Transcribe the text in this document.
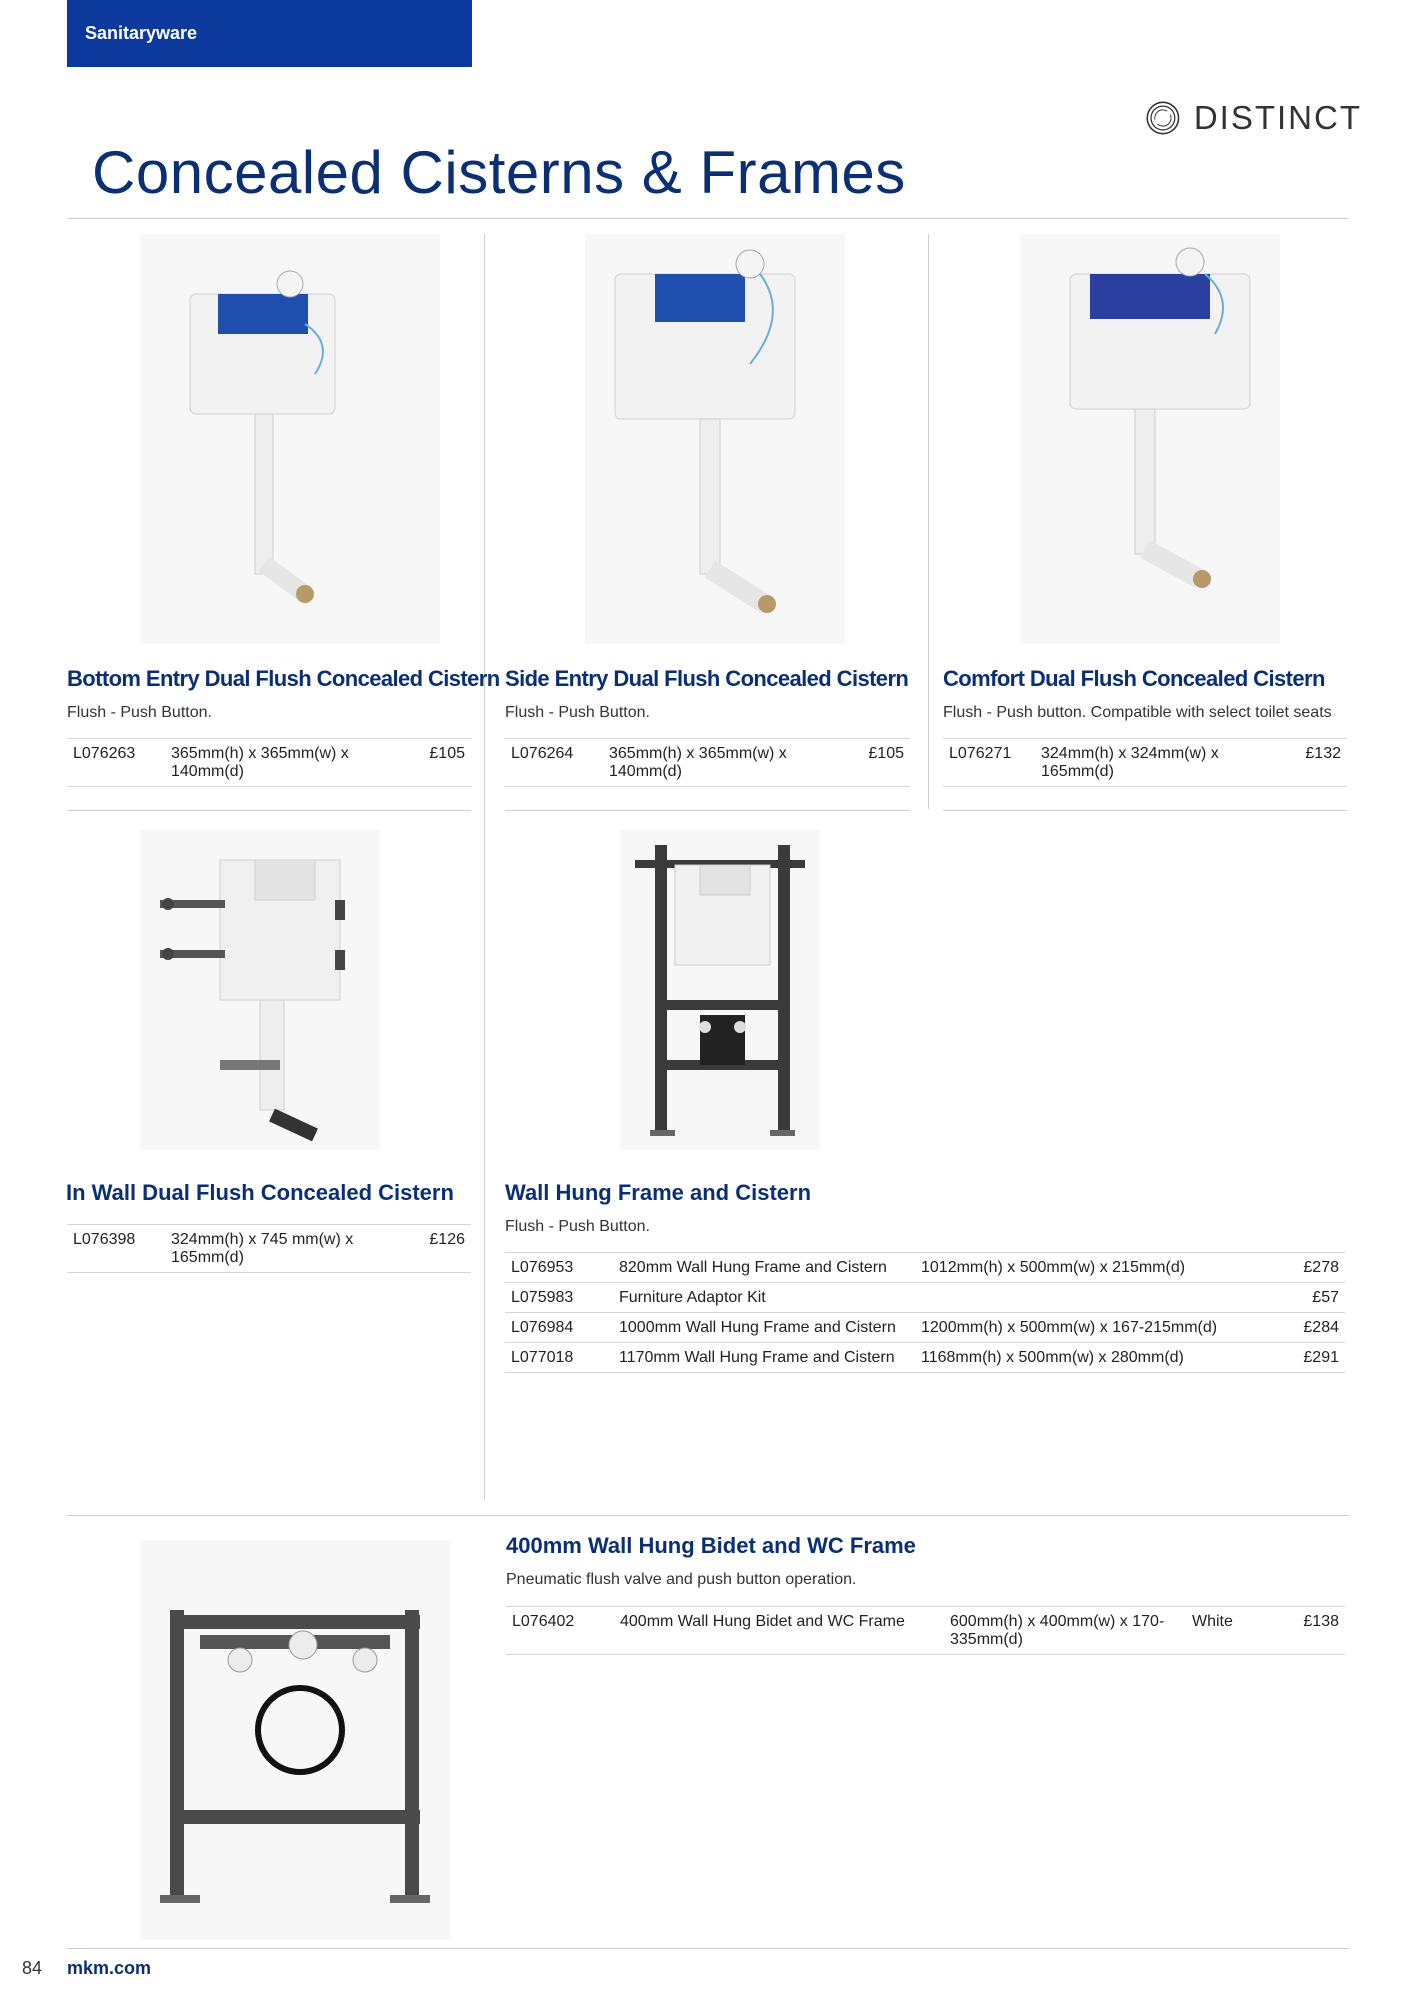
Sanitaryware
DISTINCT
Concealed Cisterns & Frames
Bottom Entry Dual Flush Concealed Cistern
Flush - Push Button.
L076263	365mm(h) x 365mm(w) x 140mm(d)	£105
Side Entry Dual Flush Concealed Cistern
Flush - Push Button.
L076264	365mm(h) x 365mm(w) x 140mm(d)	£105
Comfort Dual Flush Concealed Cistern
Flush - Push button. Compatible with select toilet seats
L076271	324mm(h) x 324mm(w) x 165mm(d)	£132
In Wall Dual Flush Concealed Cistern
L076398	324mm(h) x 745 mm(w) x 165mm(d)	£126
Wall Hung Frame and Cistern
Flush - Push Button.
L076953	820mm Wall Hung Frame and Cistern	1012mm(h) x 500mm(w) x 215mm(d)	£278
L075983	Furniture Adaptor Kit		£57
L076984	1000mm Wall Hung Frame and Cistern	1200mm(h) x 500mm(w) x 167-215mm(d)	£284
L077018	1170mm Wall Hung Frame and Cistern	1168mm(h) x 500mm(w) x 280mm(d)	£291
400mm Wall Hung Bidet and WC Frame
Pneumatic flush valve and push button operation.
L076402	400mm Wall Hung Bidet and WC Frame	600mm(h) x 400mm(w) x 170-335mm(d)	White	£138
84 mkm.com
